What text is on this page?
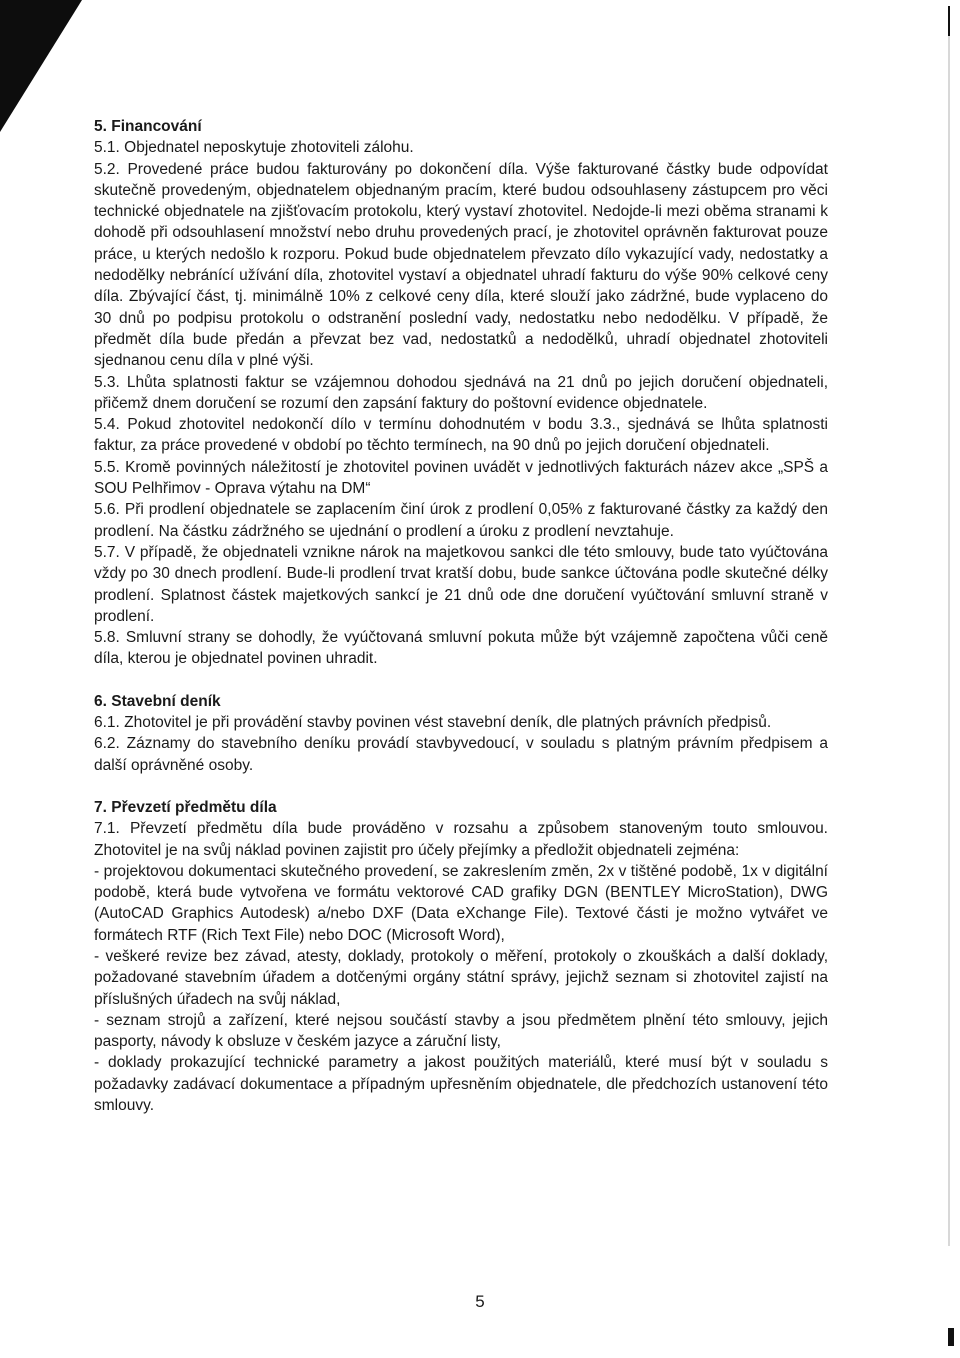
5. Financování

5.1. Objednatel neposkytuje zhotoviteli zálohu.

5.2. Provedené práce budou fakturovány po dokončení díla. Výše fakturované částky bude odpovídat skutečně provedeným, objednatelem objednaným pracím, které budou odsouhlaseny zástupcem pro věci technické objednatele na zjišťovacím protokolu, který vystaví zhotovitel. Nedojde-li mezi oběma stranami k dohodě při odsouhlasení množství nebo druhu provedených prací, je zhotovitel oprávněn fakturovat pouze práce, u kterých nedošlo k rozporu. Pokud bude objednatelem převzato dílo vykazující vady, nedostatky a nedodělky nebránící užívání díla, zhotovitel vystaví a objednatel uhradí fakturu do výše 90% celkové ceny díla. Zbývající část, tj. minimálně 10% z celkové ceny díla, které slouží jako zádržné, bude vyplaceno do 30 dnů po podpisu protokolu o odstranění poslední vady, nedostatku nebo nedodělku. V případě, že předmět díla bude předán a převzat bez vad, nedostatků a nedodělků, uhradí objednatel zhotoviteli sjednanou cenu díla v plné výši.

5.3. Lhůta splatnosti faktur se vzájemnou dohodou sjednává na 21 dnů po jejich doručení objednateli, přičemž dnem doručení se rozumí den zapsání faktury do poštovní evidence objednatele.

5.4. Pokud zhotovitel nedokončí dílo v termínu dohodnutém v bodu 3.3., sjednává se lhůta splatnosti faktur, za práce provedené v období po těchto termínech, na 90 dnů po jejich doručení objednateli.

5.5. Kromě povinných náležitostí je zhotovitel povinen uvádět v jednotlivých fakturách název akce „SPŠ a SOU Pelhřimov - Oprava výtahu na DM“

5.6. Při prodlení objednatele se zaplacením činí úrok z prodlení 0,05% z fakturované částky za každý den prodlení. Na částku zádržného se ujednání o prodlení a úroku z prodlení nevztahuje.

5.7. V případě, že objednateli vznikne nárok na majetkovou sankci dle této smlouvy, bude tato vyúčtována vždy po 30 dnech prodlení. Bude-li prodlení trvat kratší dobu, bude sankce účtována podle skutečné délky prodlení. Splatnost částek majetkových sankcí je 21 dnů ode dne doručení vyúčtování smluvní straně v prodlení.

5.8. Smluvní strany se dohodly, že vyúčtovaná smluvní pokuta může být vzájemně započtena vůči ceně díla, kterou je objednatel povinen uhradit.

6. Stavební deník

6.1. Zhotovitel je při provádění stavby povinen vést stavební deník, dle platných právních předpisů.

6.2. Záznamy do stavebního deníku provádí stavbyvedoucí, v souladu s platným právním předpisem a další oprávněné osoby.

7. Převzetí předmětu díla

7.1. Převzetí předmětu díla bude prováděno v rozsahu a způsobem stanoveným touto smlouvou. Zhotovitel je na svůj náklad povinen zajistit pro účely přejímky a předložit objednateli zejména:

- projektovou dokumentaci skutečného provedení, se zakreslením změn, 2x v tištěné podobě, 1x v digitální podobě, která bude vytvořena ve formátu vektorové CAD grafiky DGN (BENTLEY MicroStation), DWG (AutoCAD Graphics Autodesk) a/nebo DXF (Data eXchange File). Textové části je možno vytvářet ve formátech RTF (Rich Text File) nebo DOC (Microsoft Word),

- veškeré revize bez závad, atesty, doklady, protokoly o měření, protokoly o zkouškách a další doklady, požadované stavebním úřadem a dotčenými orgány státní správy, jejichž seznam si zhotovitel zajistí na příslušných úřadech na svůj náklad,

- seznam strojů a zařízení, které nejsou součástí stavby a jsou předmětem plnění této smlouvy, jejich pasporty, návody k obsluze v českém jazyce a záruční listy,

- doklady prokazující technické parametry a jakost použitých materiálů, které musí být v souladu s požadavky zadávací dokumentace a případným upřesněním objednatele, dle předchozích ustanovení této smlouvy.

5
